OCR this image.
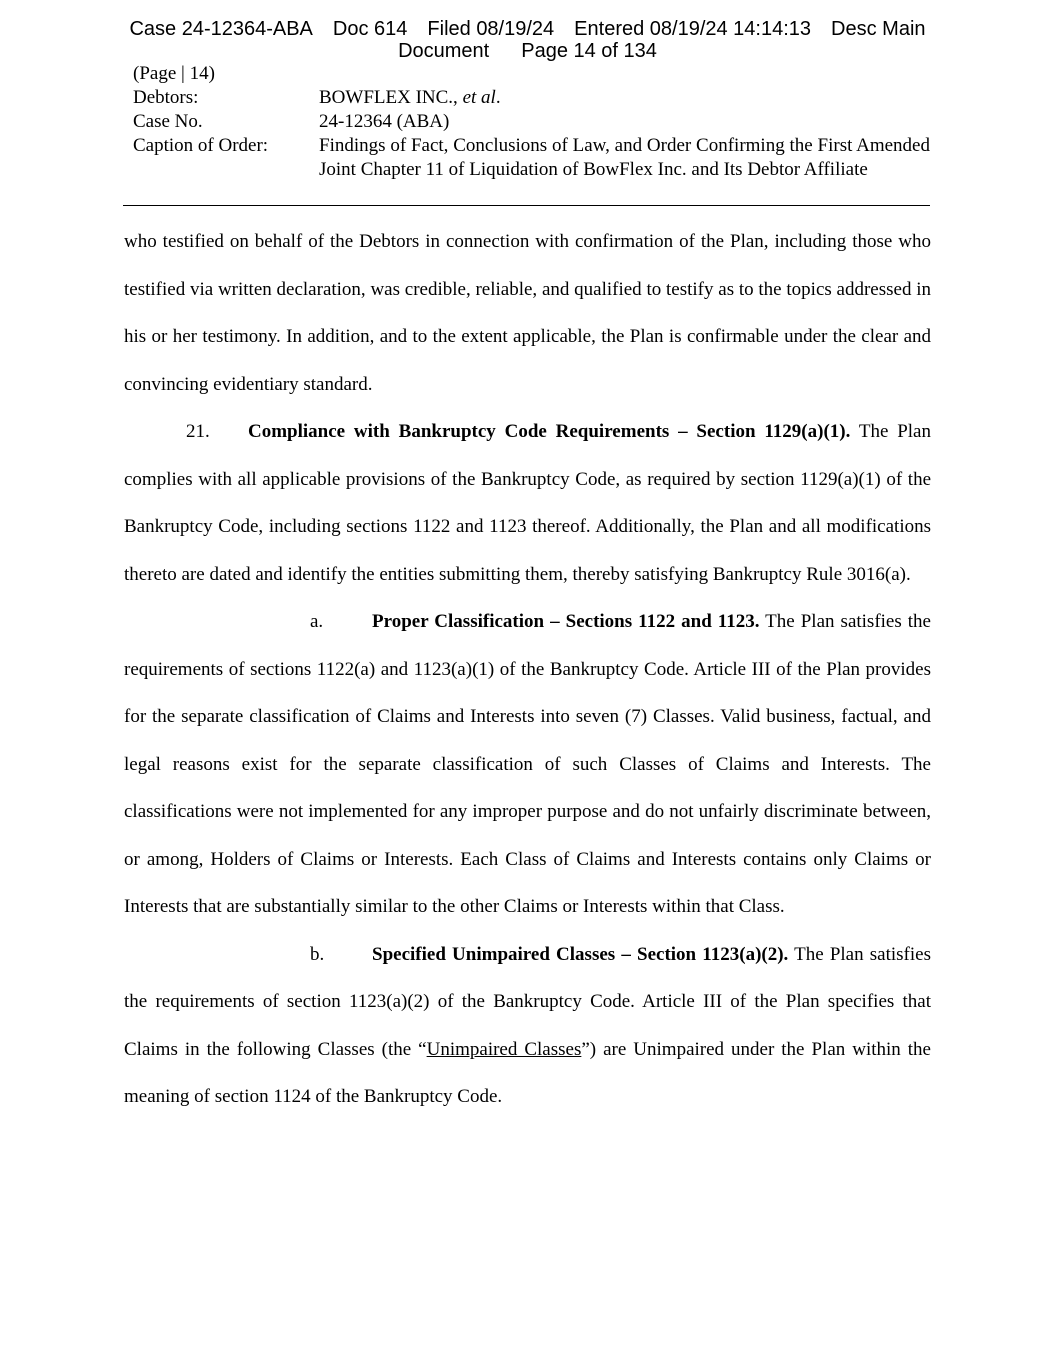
Case 24-12364-ABA Doc 614 Filed 08/19/24 Entered 08/19/24 14:14:13 Desc Main
Document Page 14 of 134
(Page | 14)
Debtors:	BOWFLEX INC., et al.
Case No.	24-12364 (ABA)
Caption of Order:	Findings of Fact, Conclusions of Law, and Order Confirming the First Amended Joint Chapter 11 of Liquidation of BowFlex Inc. and Its Debtor Affiliate

who testified on behalf of the Debtors in connection with confirmation of the Plan, including those who testified via written declaration, was credible, reliable, and qualified to testify as to the topics addressed in his or her testimony. In addition, and to the extent applicable, the Plan is confirmable under the clear and convincing evidentiary standard.

21. Compliance with Bankruptcy Code Requirements – Section 1129(a)(1). The Plan complies with all applicable provisions of the Bankruptcy Code, as required by section 1129(a)(1) of the Bankruptcy Code, including sections 1122 and 1123 thereof. Additionally, the Plan and all modifications thereto are dated and identify the entities submitting them, thereby satisfying Bankruptcy Rule 3016(a).

a.	Proper Classification – Sections 1122 and 1123. The Plan satisfies the requirements of sections 1122(a) and 1123(a)(1) of the Bankruptcy Code. Article III of the Plan provides for the separate classification of Claims and Interests into seven (7) Classes. Valid business, factual, and legal reasons exist for the separate classification of such Classes of Claims and Interests. The classifications were not implemented for any improper purpose and do not unfairly discriminate between, or among, Holders of Claims or Interests. Each Class of Claims and Interests contains only Claims or Interests that are substantially similar to the other Claims or Interests within that Class.

b.	Specified Unimpaired Classes – Section 1123(a)(2). The Plan satisfies the requirements of section 1123(a)(2) of the Bankruptcy Code. Article III of the Plan specifies that Claims in the following Classes (the “Unimpaired Classes”) are Unimpaired under the Plan within the meaning of section 1124 of the Bankruptcy Code.
